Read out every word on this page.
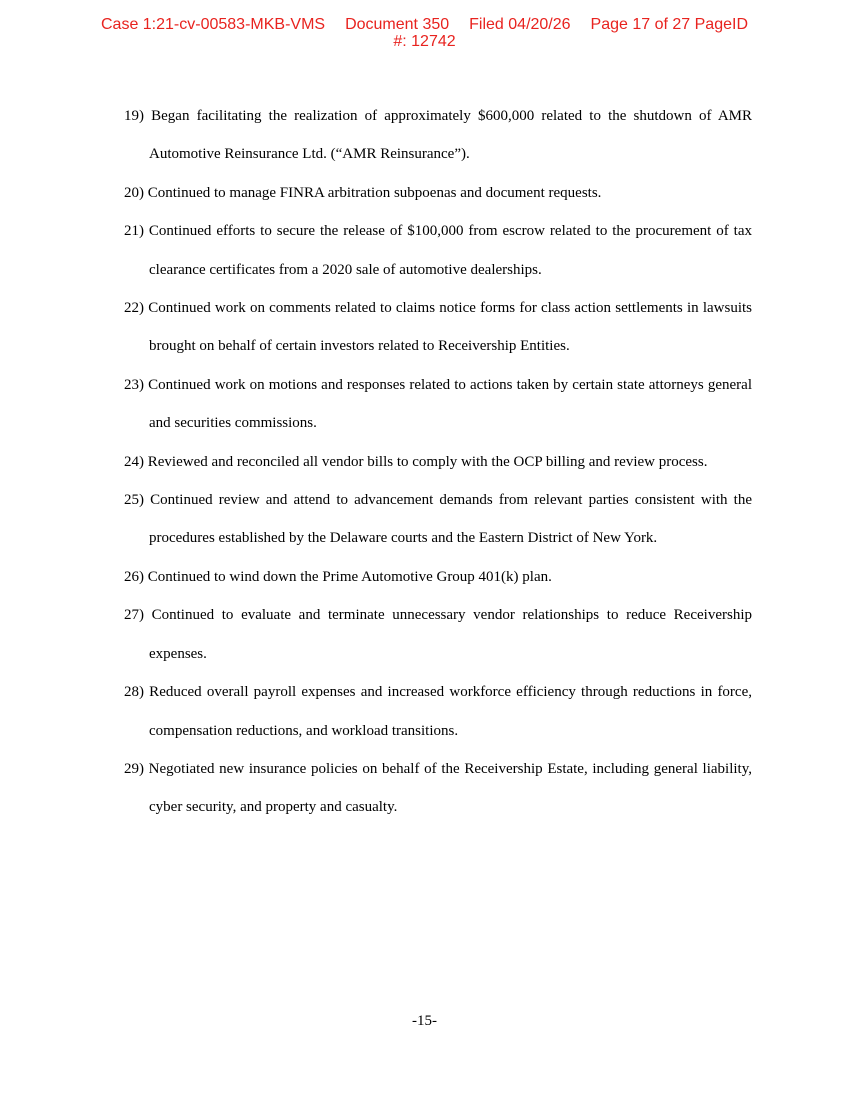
Case 1:21-cv-00583-MKB-VMS Document 350 Filed 04/20/26 Page 17 of 27 PageID
#: 12742

19) Began facilitating the realization of approximately $600,000 related to the shutdown of AMR Automotive Reinsurance Ltd. (“AMR Reinsurance”).

20) Continued to manage FINRA arbitration subpoenas and document requests.

21) Continued efforts to secure the release of $100,000 from escrow related to the procurement of tax clearance certificates from a 2020 sale of automotive dealerships.

22) Continued work on comments related to claims notice forms for class action settlements in lawsuits brought on behalf of certain investors related to Receivership Entities.

23) Continued work on motions and responses related to actions taken by certain state attorneys general and securities commissions.

24) Reviewed and reconciled all vendor bills to comply with the OCP billing and review process.

25) Continued review and attend to advancement demands from relevant parties consistent with the procedures established by the Delaware courts and the Eastern District of New York.

26) Continued to wind down the Prime Automotive Group 401(k) plan.

27) Continued to evaluate and terminate unnecessary vendor relationships to reduce Receivership expenses.

28) Reduced overall payroll expenses and increased workforce efficiency through reductions in force, compensation reductions, and workload transitions.

29) Negotiated new insurance policies on behalf of the Receivership Estate, including general liability, cyber security, and property and casualty.

-15-
